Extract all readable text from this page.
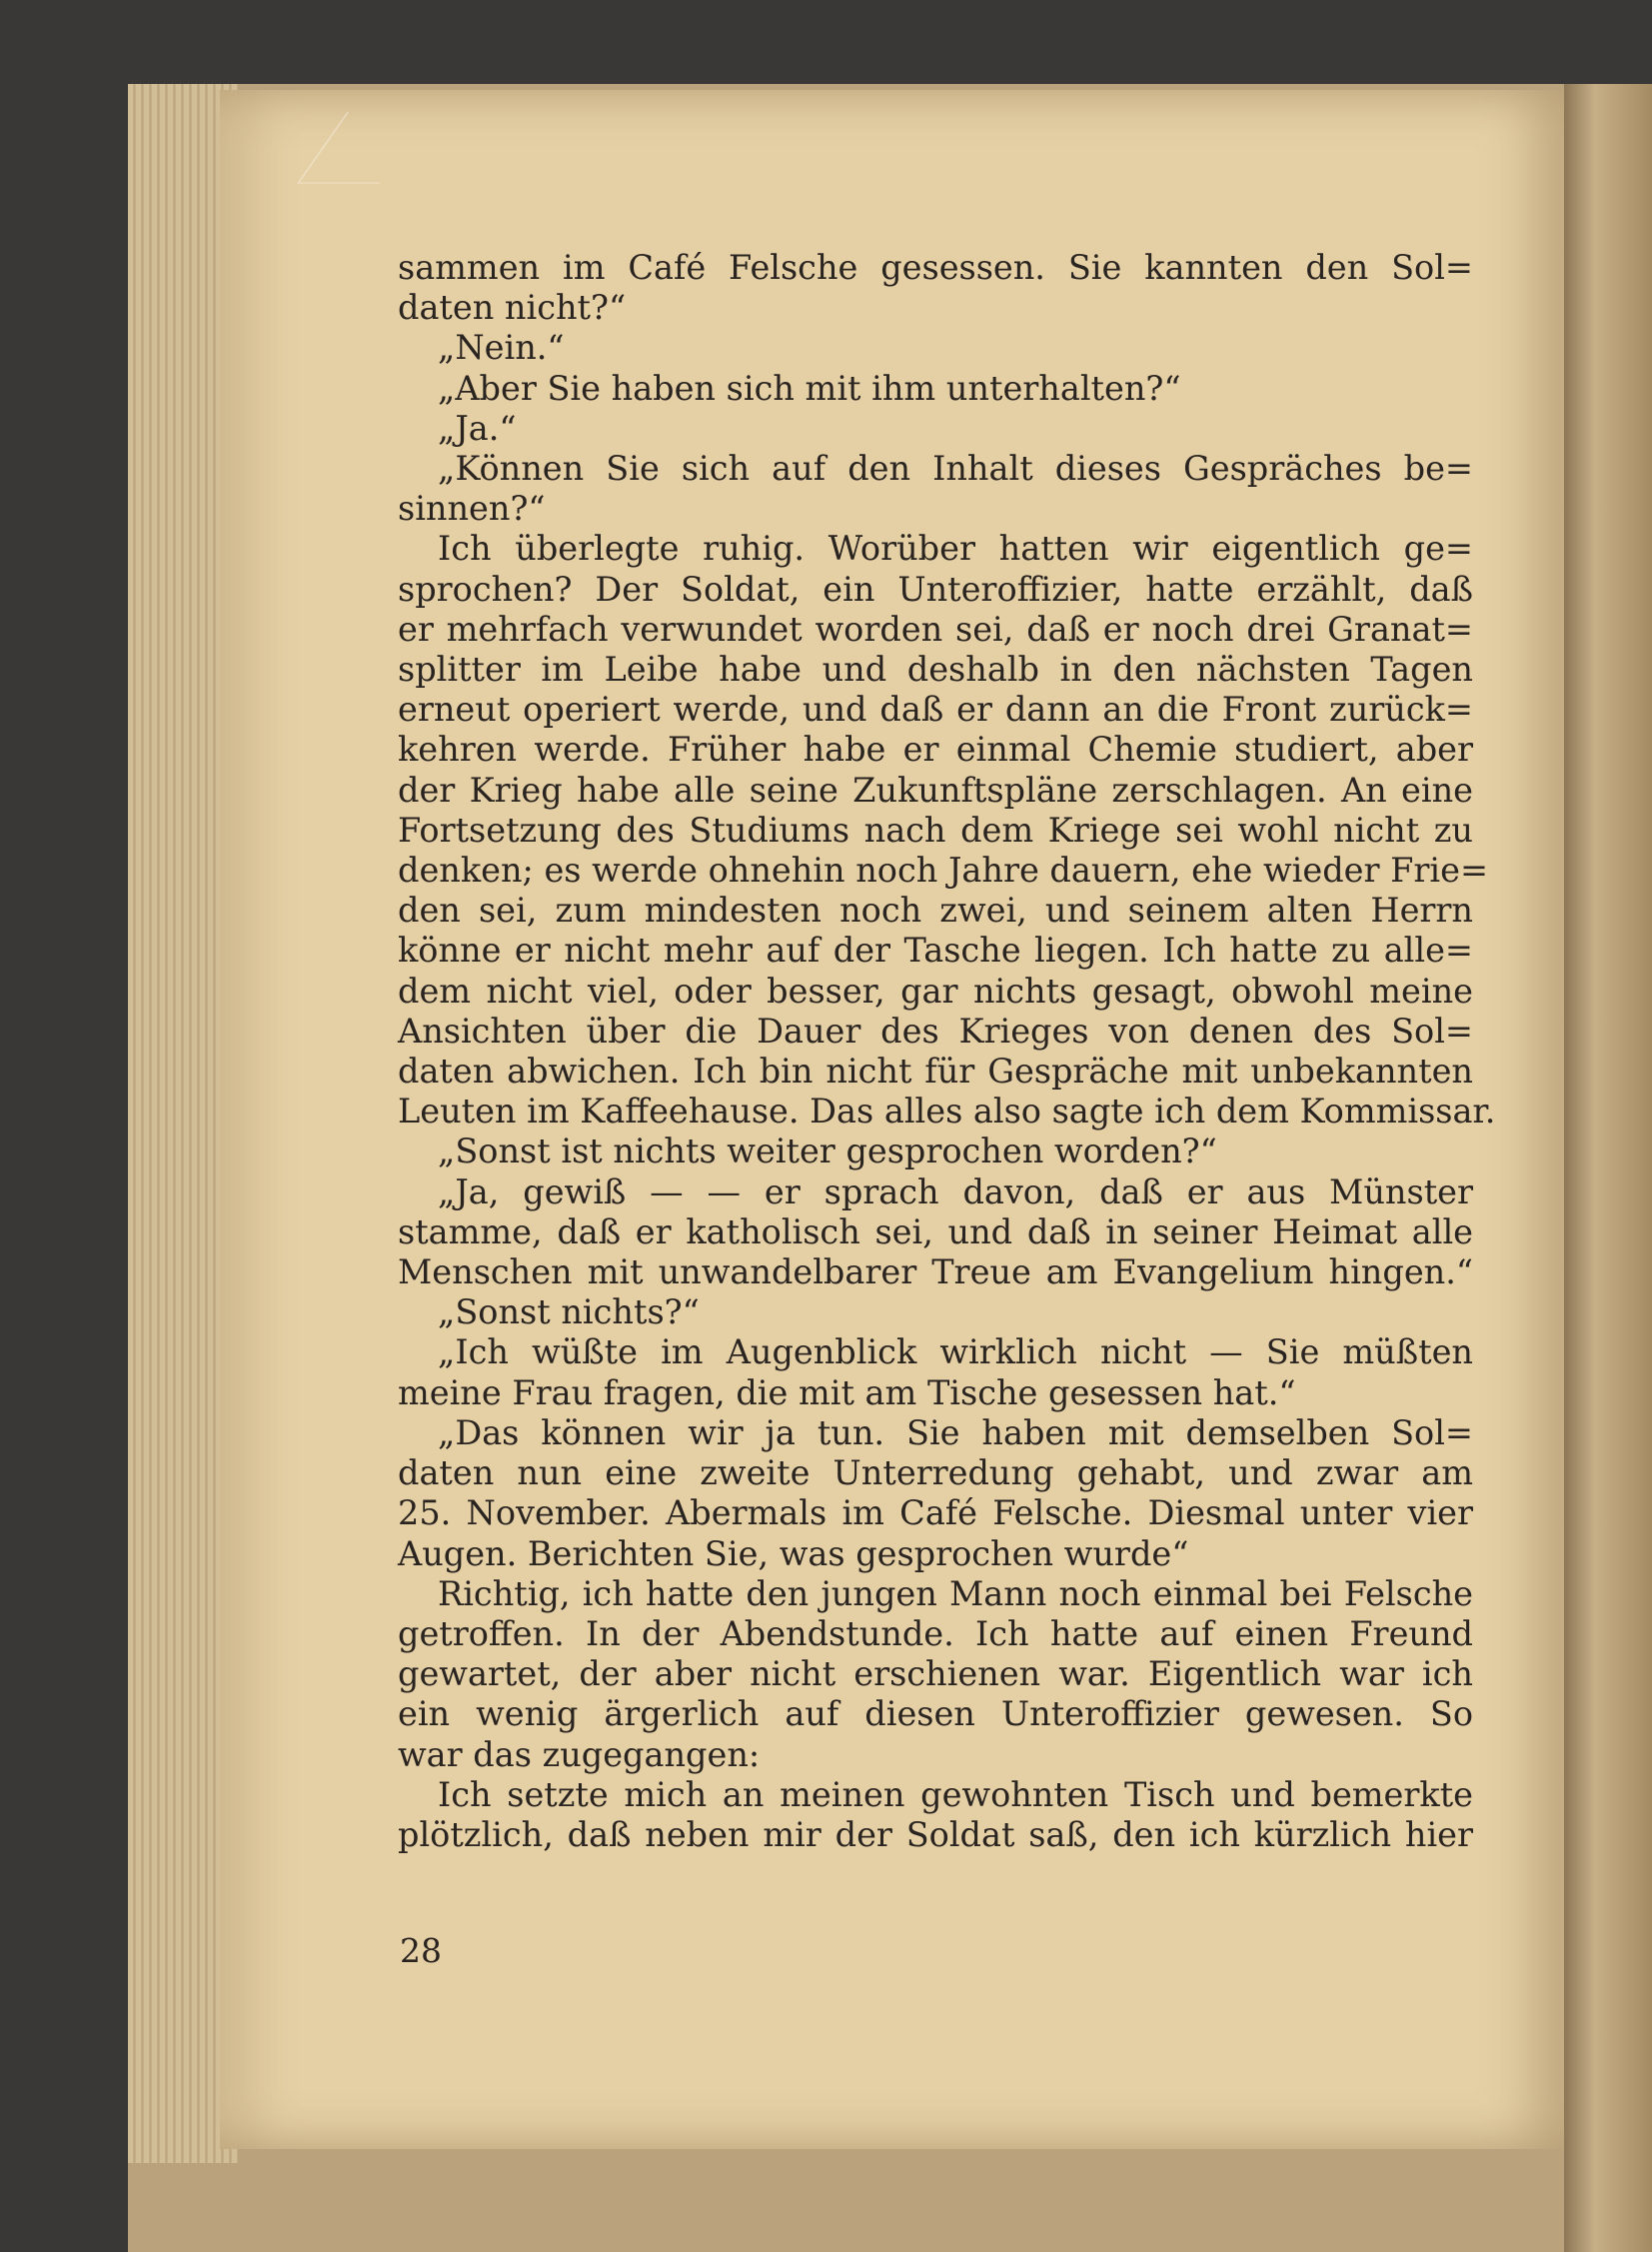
sammen im Café Felsche gesessen. Sie kannten den Sol=
daten nicht?“
„Nein.“
„Aber Sie haben sich mit ihm unterhalten?“
„Ja.“
„Können Sie sich auf den Inhalt dieses Gespräches be=
sinnen?“
Ich überlegte ruhig. Worüber hatten wir eigentlich ge=
sprochen? Der Soldat, ein Unteroffizier, hatte erzählt, daß
er mehrfach verwundet worden sei, daß er noch drei Granat=
splitter im Leibe habe und deshalb in den nächsten Tagen
erneut operiert werde, und daß er dann an die Front zurück=
kehren werde. Früher habe er einmal Chemie studiert, aber
der Krieg habe alle seine Zukunftspläne zerschlagen. An eine
Fortsetzung des Studiums nach dem Kriege sei wohl nicht zu
denken; es werde ohnehin noch Jahre dauern, ehe wieder Frie=
den sei, zum mindesten noch zwei, und seinem alten Herrn
könne er nicht mehr auf der Tasche liegen. Ich hatte zu alle=
dem nicht viel, oder besser, gar nichts gesagt, obwohl meine
Ansichten über die Dauer des Krieges von denen des Sol=
daten abwichen. Ich bin nicht für Gespräche mit unbekannten
Leuten im Kaffeehause. Das alles also sagte ich dem Kommissar.
„Sonst ist nichts weiter gesprochen worden?“
„Ja, gewiß — — er sprach davon, daß er aus Münster
stamme, daß er katholisch sei, und daß in seiner Heimat alle
Menschen mit unwandelbarer Treue am Evangelium hingen.“
„Sonst nichts?“
„Ich wüßte im Augenblick wirklich nicht — Sie müßten
meine Frau fragen, die mit am Tische gesessen hat.“
„Das können wir ja tun. Sie haben mit demselben Sol=
daten nun eine zweite Unterredung gehabt, und zwar am
25. November. Abermals im Café Felsche. Diesmal unter vier
Augen. Berichten Sie, was gesprochen wurde“
Richtig, ich hatte den jungen Mann noch einmal bei Felsche
getroffen. In der Abendstunde. Ich hatte auf einen Freund
gewartet, der aber nicht erschienen war. Eigentlich war ich
ein wenig ärgerlich auf diesen Unteroffizier gewesen. So
war das zugegangen:
Ich setzte mich an meinen gewohnten Tisch und bemerkte
plötzlich, daß neben mir der Soldat saß, den ich kürzlich hier
28
